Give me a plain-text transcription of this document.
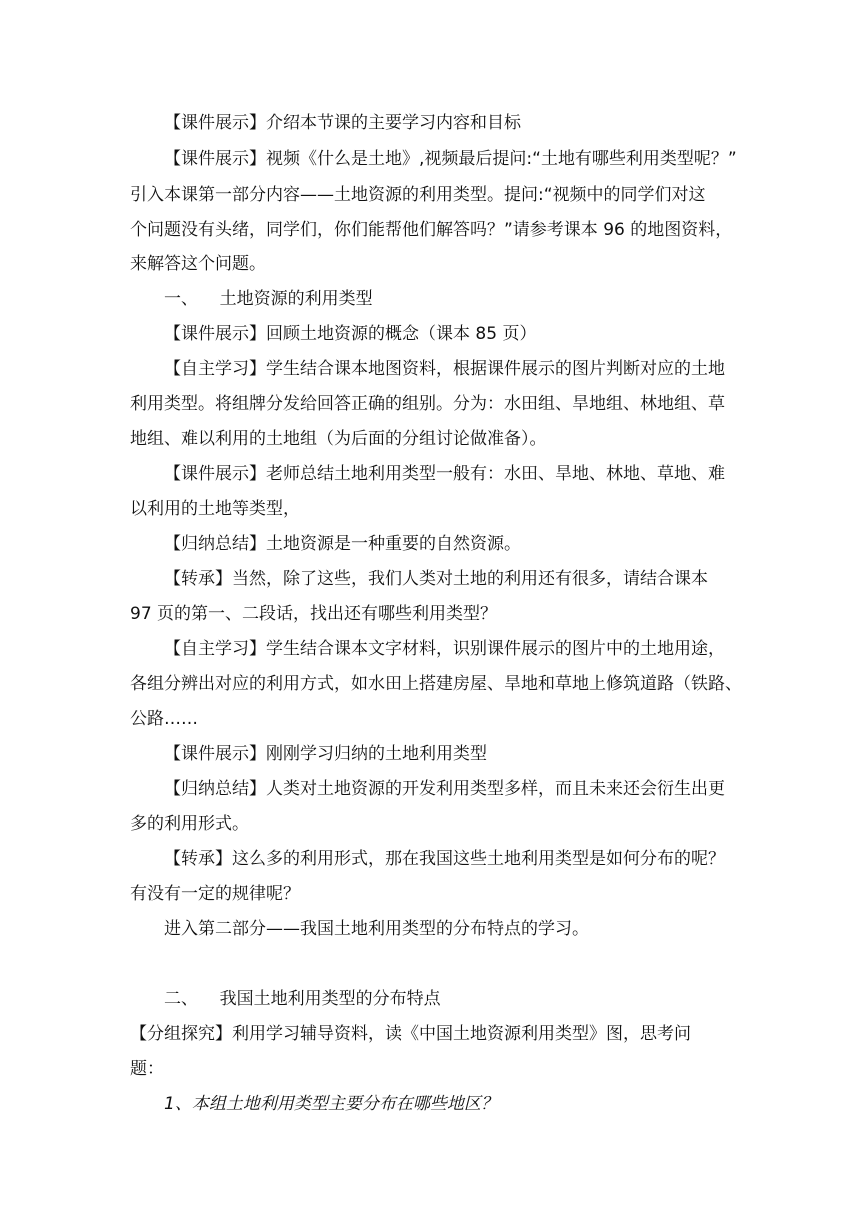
【课件展示】介绍本节课的主要学习内容和目标
【课件展示】视频《什么是土地》,视频最后提问:“土地有哪些利用类型呢？”
引入本课第一部分内容——土地资源的利用类型。提问:“视频中的同学们对这
个问题没有头绪，同学们，你们能帮他们解答吗？”请参考课本 96 的地图资料，
来解答这个问题。
一、    土地资源的利用类型
【课件展示】回顾土地资源的概念（课本 85 页）
【自主学习】学生结合课本地图资料，根据课件展示的图片判断对应的土地
利用类型。将组牌分发给回答正确的组别。分为：水田组、旱地组、林地组、草
地组、难以利用的土地组（为后面的分组讨论做准备）。
【课件展示】老师总结土地利用类型一般有：水田、旱地、林地、草地、难
以利用的土地等类型，
【归纳总结】土地资源是一种重要的自然资源。
【转承】当然，除了这些，我们人类对土地的利用还有很多，请结合课本
97 页的第一、二段话，找出还有哪些利用类型？
【自主学习】学生结合课本文字材料，识别课件展示的图片中的土地用途，
各组分辨出对应的利用方式，如水田上搭建房屋、旱地和草地上修筑道路（铁路、
公路……
【课件展示】刚刚学习归纳的土地利用类型
【归纳总结】人类对土地资源的开发利用类型多样，而且未来还会衍生出更
多的利用形式。
【转承】这么多的利用形式，那在我国这些土地利用类型是如何分布的呢？
有没有一定的规律呢？
进入第二部分——我国土地利用类型的分布特点的学习。
二、    我国土地利用类型的分布特点
【分组探究】利用学习辅导资料，读《中国土地资源利用类型》图，思考问
题：
1、本组土地利用类型主要分布在哪些地区？
